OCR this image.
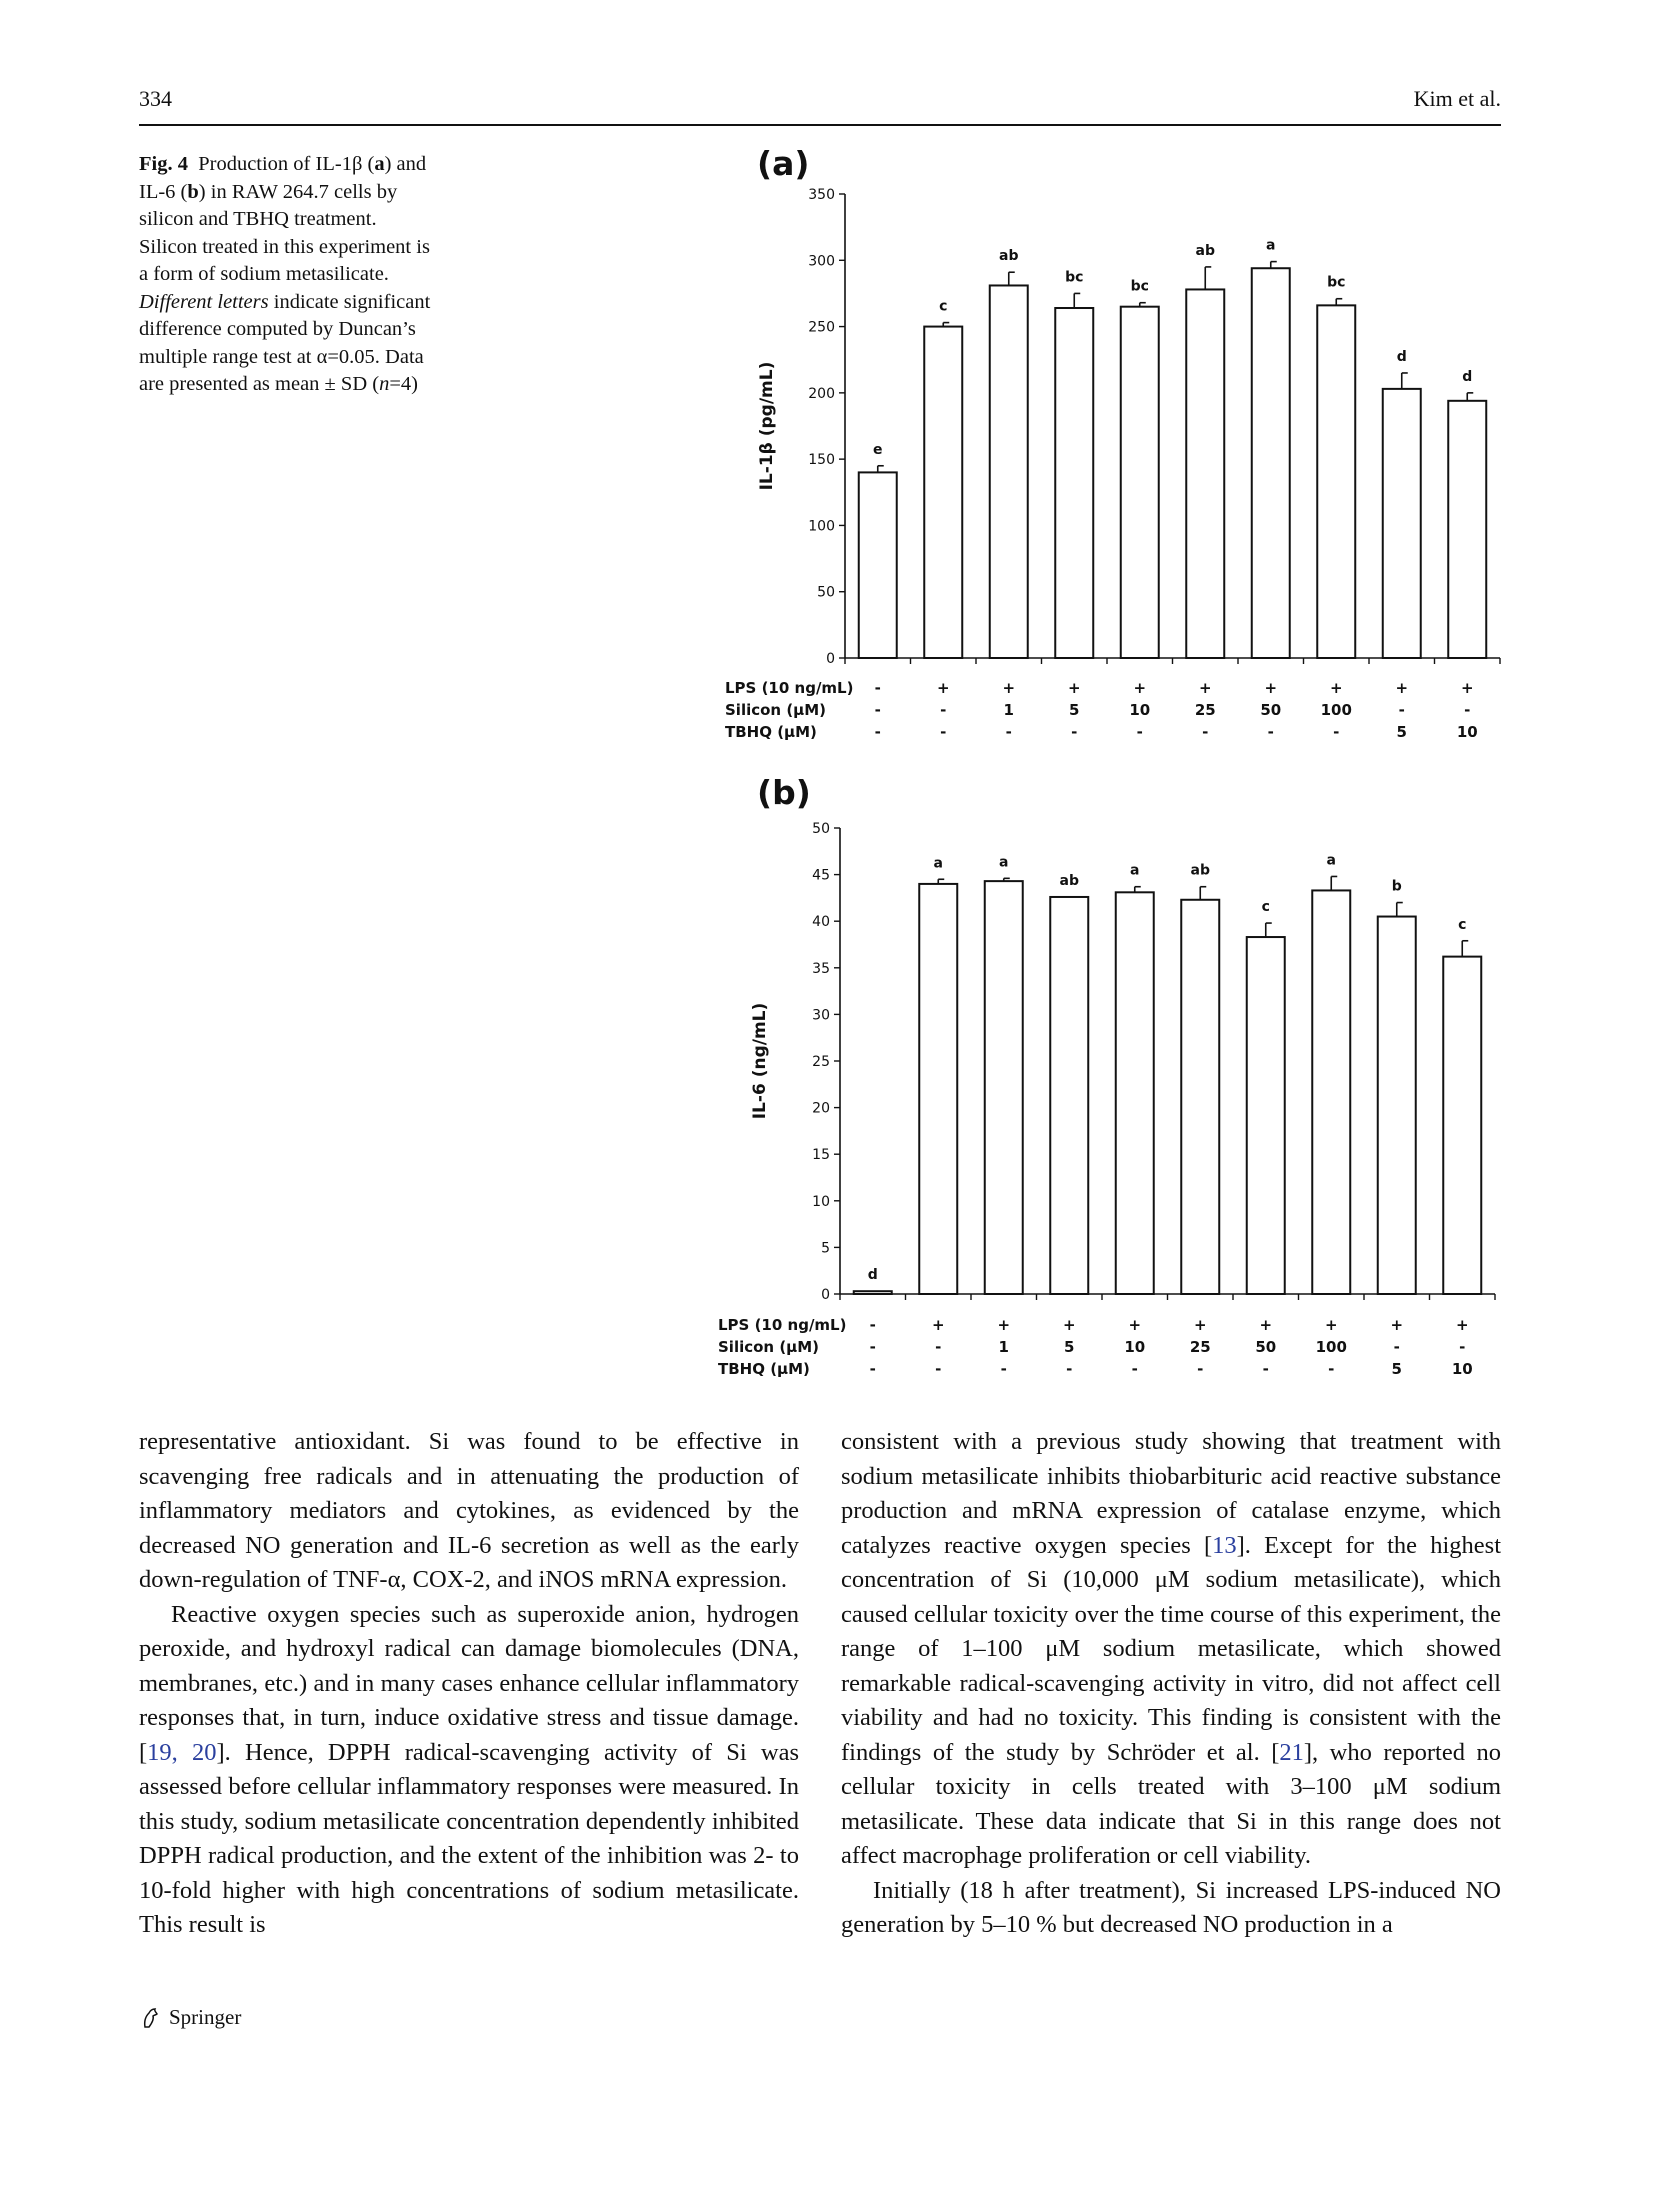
334	Kim et al.
Fig. 4 Production of IL-1β (a) and IL-6 (b) in RAW 264.7 cells by silicon and TBHQ treatment. Silicon treated in this experiment is a form of sodium metasilicate. Different letters indicate significant difference computed by Duncan’s multiple range test at α=0.05. Data are presented as mean ± SD (n=4)
(a)
0
50
100
150
200
250
300
350
IL-1β (pg/mL)	e
-
-
-
c
+
-
-
ab
+
1
-
bc
+
5
-
bc
+
10
-
ab
+
25
-
a
+
50
-
bc
+
100
-
d
+
-
5
d
+
-
10
LPS (10 ng/mL)
Silicon (μM)
TBHQ (μM)
(b)
0
5
10
15
20
25
30
35
40
45
50
IL-6 (ng/mL)
d
-
-
-
a
+
-
-
a
+
1
-
ab
+
5
-
a
+
10
-
ab
+
25
-
c
+
50
-
a
+
100
-
b
+
-
5
c
+
-
10
LPS (10 ng/mL)
Silicon (μM)
TBHQ (μM)

representative antioxidant. Si was found to be effective in scavenging free radicals and in attenuating the production of inflammatory mediators and cytokines, as evidenced by the decreased NO generation and IL-6 secretion as well as the early down-regulation of TNF-α, COX-2, and iNOS mRNA expression.

Reactive oxygen species such as superoxide anion, hydrogen peroxide, and hydroxyl radical can damage biomolecules (DNA, membranes, etc.) and in many cases enhance cellular inflammatory responses that, in turn, induce oxidative stress and tissue damage. [19, 20]. Hence, DPPH radical-scavenging activity of Si was assessed before cellular inflammatory responses were measured. In this study, sodium metasilicate concentration dependently inhibited DPPH radical production, and the extent of the inhibition was 2- to 10-fold higher with high concentrations of sodium metasilicate. This result is

consistent with a previous study showing that treatment with sodium metasilicate inhibits thiobarbituric acid reactive substance production and mRNA expression of catalase enzyme, which catalyzes reactive oxygen species [13]. Except for the highest concentration of Si (10,000 μM sodium metasilicate), which caused cellular toxicity over the time course of this experiment, the range of 1–100 μM sodium metasilicate, which showed remarkable radical-scavenging activity in vitro, did not affect cell viability and had no toxicity. This finding is consistent with the findings of the study by Schröder et al. [21], who reported no cellular toxicity in cells treated with 3–100 μM sodium metasilicate. These data indicate that Si in this range does not affect macrophage proliferation or cell viability.

Initially (18 h after treatment), Si increased LPS-induced NO generation by 5–10 % but decreased NO production in a

Springer
